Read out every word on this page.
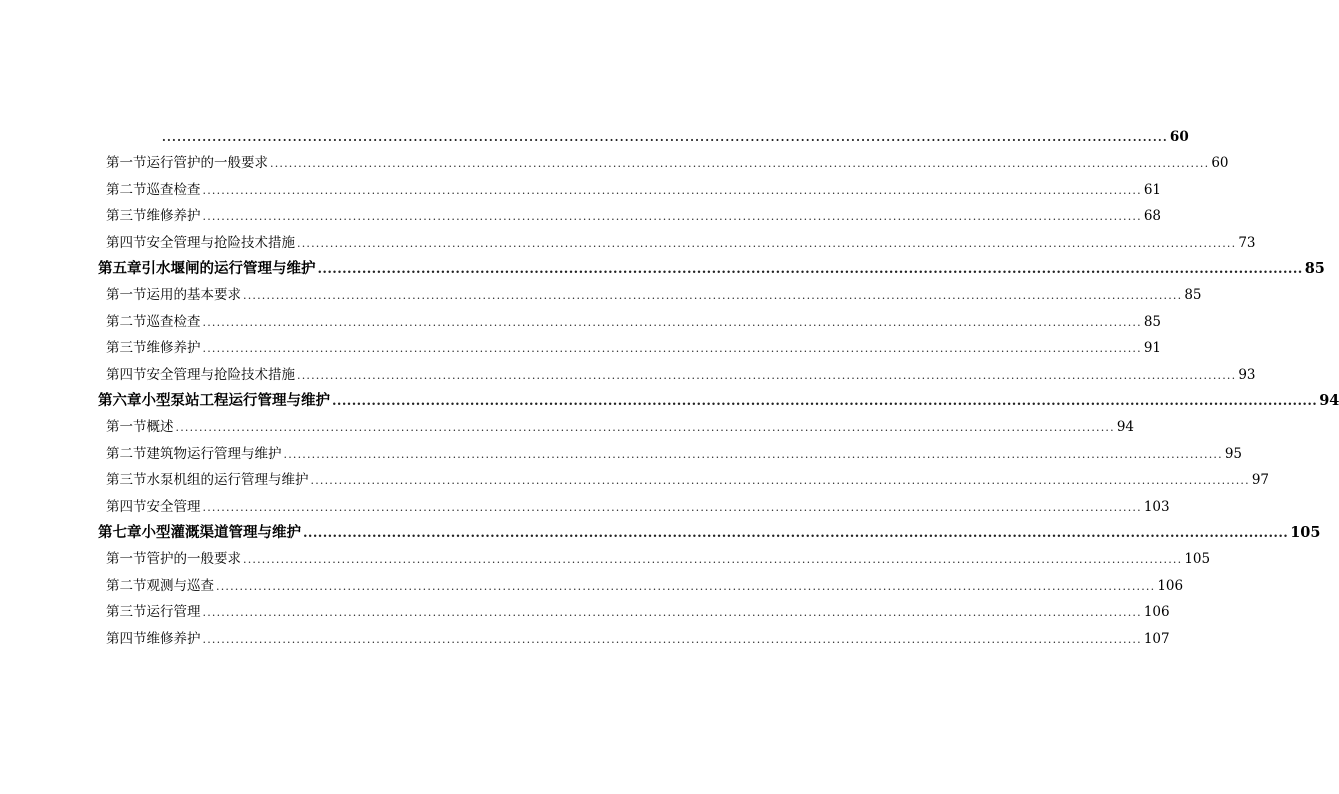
........................................................................................................................................................................................................ 60
第一节 运行管护的一般要求 ........................................................................................................................................................................................................ 60
第二节 巡查检查 ........................................................................................................................................................................................................ 61
第三节 维修养护 ........................................................................................................................................................................................................ 68
第四节 安全管理与抢险技术措施 ........................................................................................................................................................................................................ 73
第五章 引水堰闸的运行管理与维护 ........................................................................................................................................................................................................ 85
第一节 运用的基本要求 ........................................................................................................................................................................................................ 85
第二节 巡查检查 ........................................................................................................................................................................................................ 85
第三节 维修养护 ........................................................................................................................................................................................................ 91
第四节 安全管理与抢险技术措施 ........................................................................................................................................................................................................ 93
第六章 小型泵站工程运行管理与维护 ........................................................................................................................................................................................................ 94
第一节 概述 ........................................................................................................................................................................................................ 94
第二节 建筑物运行管理与维护 ........................................................................................................................................................................................................ 95
第三节 水泵机组的运行管理与维护 ........................................................................................................................................................................................................ 97
第四节 安全管理 ........................................................................................................................................................................................................ 103
第七章 小型灌溉渠道管理与维护 ........................................................................................................................................................................................................ 105
第一节 管护的一般要求 ........................................................................................................................................................................................................ 105
第二节 观测与巡查 ........................................................................................................................................................................................................ 106
第三节 运行管理 ........................................................................................................................................................................................................ 106
第四节 维修养护 ........................................................................................................................................................................................................ 107
